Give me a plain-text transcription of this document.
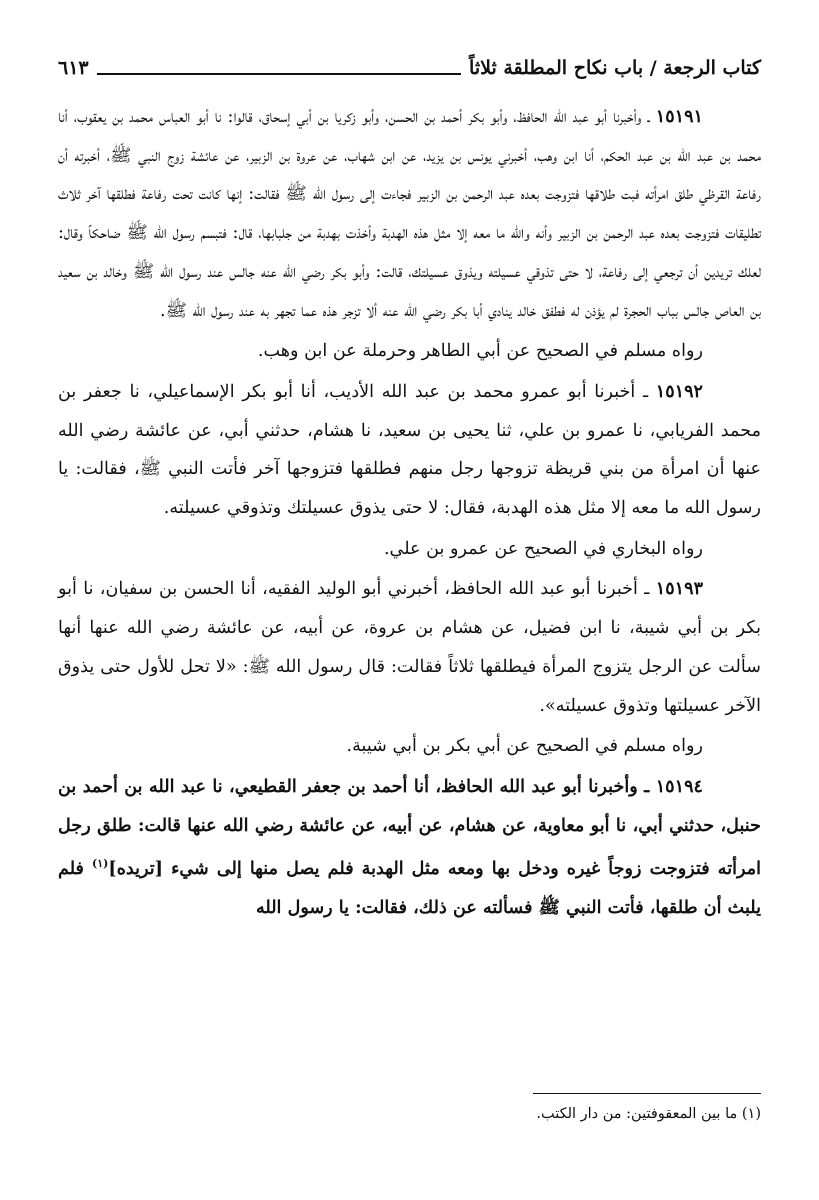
كتاب الرجعة / باب نكاح المطلقة ثلاثاً
٦١٣

١٥١٩١ ـ وأخبرنا أبو عبد الله الحافظ، وأبو بكر أحمد بن الحسن، وأبو زكريا بن أبي إسحاق، قالوا: نا أبو العباس محمد بن يعقوب، أنا محمد بن عبد الله بن عبد الحكم، أنا ابن وهب، أخبرني يونس بن يزيد، عن ابن شهاب، عن عروة بن الزبير، عن عائشة زوج النبي ﷺ، أخبرته أن رفاعة القرظي طلق امرأته فبت طلاقها فتزوجت بعده عبد الرحمن بن الزبير فجاءت إلى رسول الله ﷺ فقالت: إنها كانت تحت رفاعة فطلقها آخر ثلاث تطليقات فتزوجت بعده عبد الرحمن بن الزبير وأنه والله ما معه إلا مثل هذه الهدبة وأخذت بهدبة من جلبابها، قال: فتبسم رسول الله ﷺ ضاحكاً وقال: لعلك تريدين أن ترجعي إلى رفاعة، لا حتى تذوقي عسيلته ويذوق عسيلتك، قالت: وأبو بكر رضي الله عنه جالس عند رسول الله ﷺ وخالد بن سعيد بن العاص جالس بباب الحجرة لم يؤذن له فطفق خالد ينادي أبا بكر رضي الله عنه ألا تزجر هذه عما تجهر به عند رسول الله ﷺ.

رواه مسلم في الصحيح عن أبي الطاهر وحرملة عن ابن وهب.

١٥١٩٢ ـ أخبرنا أبو عمرو محمد بن عبد الله الأديب، أنا أبو بكر الإسماعيلي، نا جعفر بن محمد الفريابي، نا عمرو بن علي، ثنا يحيى بن سعيد، نا هشام، حدثني أبي، عن عائشة رضي الله عنها أن امرأة من بني قريظة تزوجها رجل منهم فطلقها فتزوجها آخر فأتت النبي ﷺ، فقالت: يا رسول الله ما معه إلا مثل هذه الهدبة، فقال: لا حتى يذوق عسيلتك وتذوقي عسيلته.

رواه البخاري في الصحيح عن عمرو بن علي.

١٥١٩٣ ـ أخبرنا أبو عبد الله الحافظ، أخبرني أبو الوليد الفقيه، أنا الحسن بن سفيان، نا أبو بكر بن أبي شيبة، نا ابن فضيل، عن هشام بن عروة، عن أبيه، عن عائشة رضي الله عنها أنها سألت عن الرجل يتزوج المرأة فيطلقها ثلاثاً فقالت: قال رسول الله ﷺ: «لا تحل للأول حتى يذوق الآخر عسيلتها وتذوق عسيلته».

رواه مسلم في الصحيح عن أبي بكر بن أبي شيبة.

١٥١٩٤ ـ وأخبرنا أبو عبد الله الحافظ، أنا أحمد بن جعفر القطيعي، نا عبد الله بن أحمد بن حنبل، حدثني أبي، نا أبو معاوية، عن هشام، عن أبيه، عن عائشة رضي الله عنها قالت: طلق رجل امرأته فتزوجت زوجاً غيره ودخل بها ومعه مثل الهدبة فلم يصل منها إلى شيء [تريده]$^{(١)}$ فلم يلبث أن طلقها، فأتت النبي ﷺ فسألته عن ذلك، فقالت: يا رسول الله

(١) ما بين المعقوفتين: من دار الكتب.
